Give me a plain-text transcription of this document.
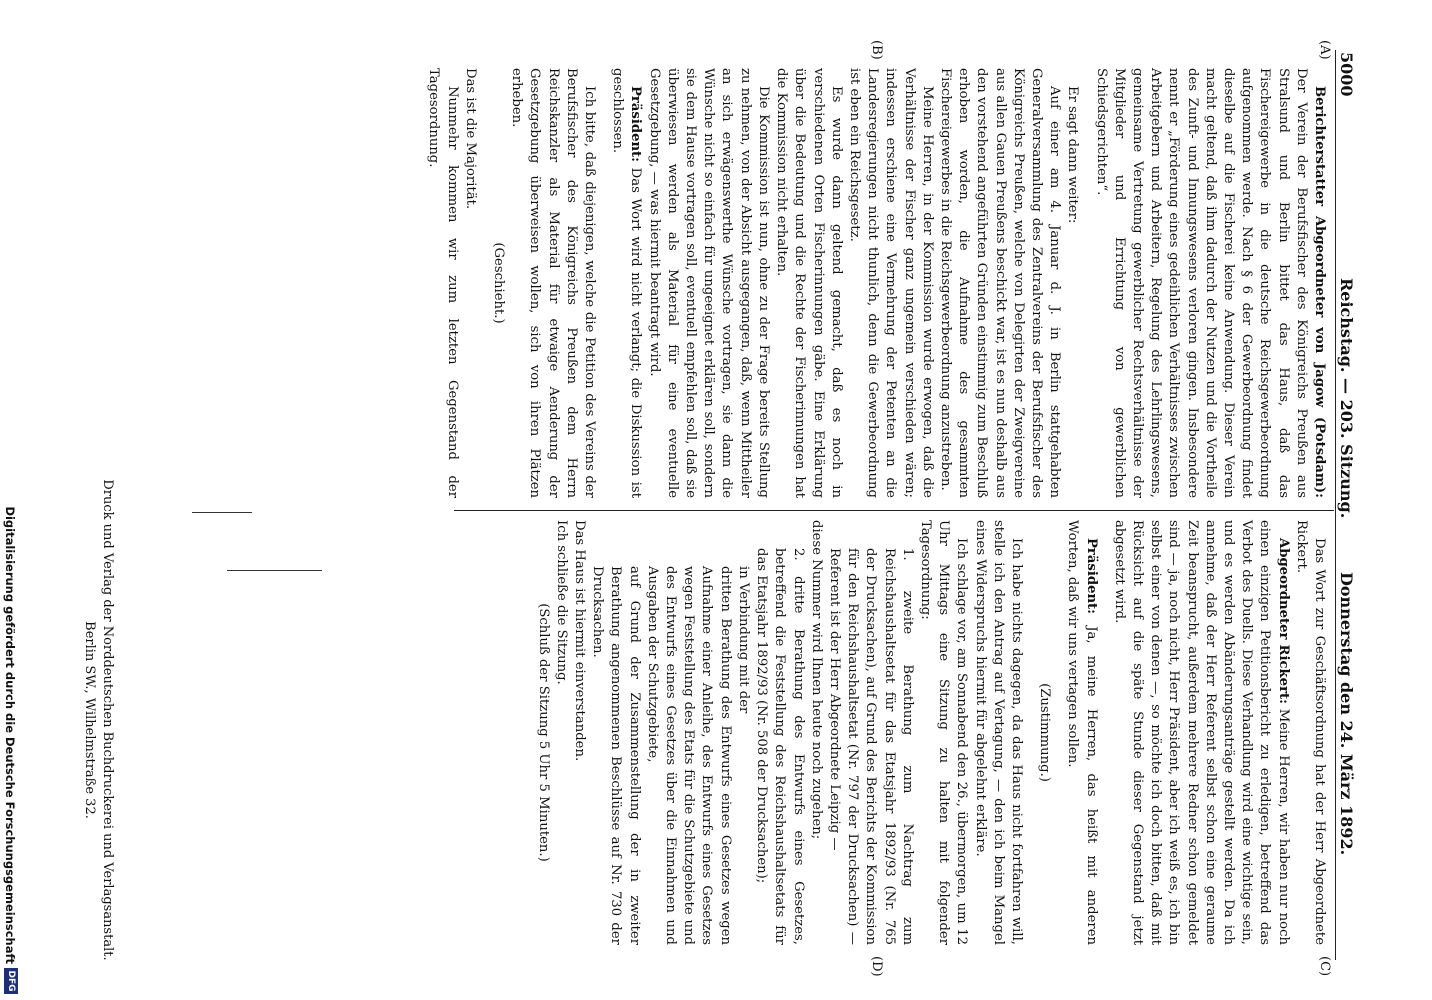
5000
Reichstag. — 203. Sitzung.
Donnerstag den 24. März 1892.
(A)
(B)
(C)
(D)

Berichterstatter Abgeordneter von Jagow (Potsdam): Der Verein der Berufsfischer des Königreichs Preußen aus Stralsund und Berlin bittet das Haus, daß das Fischereigewerbe in die deutsche Reichsgewerbeordnung aufgenommen werde. Nach § 6 der Gewerbeordnung findet dieselbe auf die Fischerei keine Anwendung. Dieser Verein macht geltend, daß ihm dadurch der Nutzen und die Vortheile des Zunft- und Innungswesens verloren gingen. Insbesondere nennt er „Förderung eines gedeihlichen Verhältnisses zwischen Arbeitgebern und Arbeitern, Regelung des Lehrlingswesens, gemeinsame Vertretung gewerblicher Rechtsverhältnisse der Mitglieder und Errichtung von gewerblichen Schiedsgerichten“.

Er sagt dann weiter:

Auf einer am 4. Januar d. J. in Berlin stattgehabten Generalversammlung des Zentralvereins der Berufsfischer des Königreichs Preußen, welche von Delegirten der Zweigvereine aus allen Gauen Preußens beschickt war, ist es nun deshalb aus den vorstehend angeführten Gründen einstimmig zum Beschluß erhoben worden, die Aufnahme des gesammten Fischereigewerbes in die Reichsgewerbeordnung anzustreben.

Meine Herren, in der Kommission wurde erwogen, daß die Verhältnisse der Fischer ganz ungemein verschieden wären; indessen erschiene eine Vermehrung der Petenten an die Landesregierungen nicht thunlich, denn die Gewerbeordnung ist eben ein Reichsgesetz.

Es wurde dann geltend gemacht, daß es noch in verschiedenen Orten Fischerinnungen gäbe. Eine Erklärung über die Bedeutung und die Rechte der Fischerinnungen hat die Kommission nicht erhalten.

Die Kommission ist nun, ohne zu der Frage bereits Stellung zu nehmen, von der Absicht ausgegangen, daß, wenn Mittheiler an sich erwägenswerthe Wünsche vortragen, sie dann die Wünsche nicht so einfach für ungeeignet erklären soll, sondern sie dem Hause vortragen soll, eventuell empfehlen soll, daß sie überwiesen werden als Material für eine eventuelle Gesetzgebung, — was hiermit beantragt wird.

Präsident: Das Wort wird nicht verlangt; die Diskussion ist geschlossen.

Ich bitte, daß diejenigen, welche die Petition des Vereins der Berufsfischer des Königreichs Preußen dem Herrn Reichskanzler als Material für etwaige Aenderung der Gesetzgebung überweisen wollen, sich von ihren Plätzen erheben.

(Geschieht.)

Das ist die Majorität.

Nunmehr kommen wir zum letzten Gegenstand der Tagesordnung.

Das Wort zur Geschäftsordnung hat der Herr Abgeordnete Rickert.

Abgeordneter Rickert: Meine Herren, wir haben nur noch einen einzigen Petitionsbericht zu erledigen, betreffend das Verbot des Duells. Diese Verhandlung wird eine wichtige sein, und es werden Abänderungsanträge gestellt werden. Da ich annehme, daß der Herr Referent selbst schon eine geraume Zeit beansprucht, außerdem mehrere Redner schon gemeldet sind — ja, noch nicht, Herr Präsident, aber ich weiß es, ich bin selbst einer von denen —, so möchte ich doch bitten, daß mit Rücksicht auf die späte Stunde dieser Gegenstand jetzt abgesetzt wird.

Präsident: Ja, meine Herren, das heißt mit anderen Worten, daß wir uns vertagen sollen.

(Zustimmung.)

Ich habe nichts dagegen, da das Haus nicht fortfahren will, stelle ich den Antrag auf Vertagung, — den ich beim Mangel eines Widerspruchs hiermit für abgelehnt erkläre.

Ich schlage vor, am Sonnabend den 26., übermorgen, um 12 Uhr Mittags eine Sitzung zu halten mit folgender Tagesordnung:

1. zweite Berathung zum Nachtrag zum Reichshaushaltsetat für das Etatsjahr 1892/93 (Nr. 765 der Drucksachen), auf Grund des Berichts der Kommission für den Reichshaushaltsetat (Nr. 797 der Drucksachen) — Referent ist der Herr Abgeordnete Leipzig —

diese Nummer wird Ihnen heute noch zugehen;

2. dritte Berathung des Entwurfs eines Gesetzes, betreffend die Feststellung des Reichshaushaltsetats für das Etatsjahr 1892/93 (Nr. 508 der Drucksachen);

in Verbindung mit der

dritten Berathung des Entwurfs eines Gesetzes wegen Aufnahme einer Anleihe, des Entwurfs eines Gesetzes wegen Feststellung des Etats für die Schutzgebiete und des Entwurfs eines Gesetzes über die Einnahmen und Ausgaben der Schutzgebiete,

auf Grund der Zusammenstellung der in zweiter Berathung angenommenen Beschlüsse auf Nr. 730 der Drucksachen.

Das Haus ist hiermit einverstanden.

Ich schließe die Sitzung.

(Schluß der Sitzung 5 Uhr 5 Minuten.)

Druck und Verlag der Norddeutschen Buchdruckerei und Verlagsanstalt.

Berlin SW., Wilhelmstraße 32.

Digitalisierung gefördert durch die Deutsche Forschungsgemeinschaft
DFG
